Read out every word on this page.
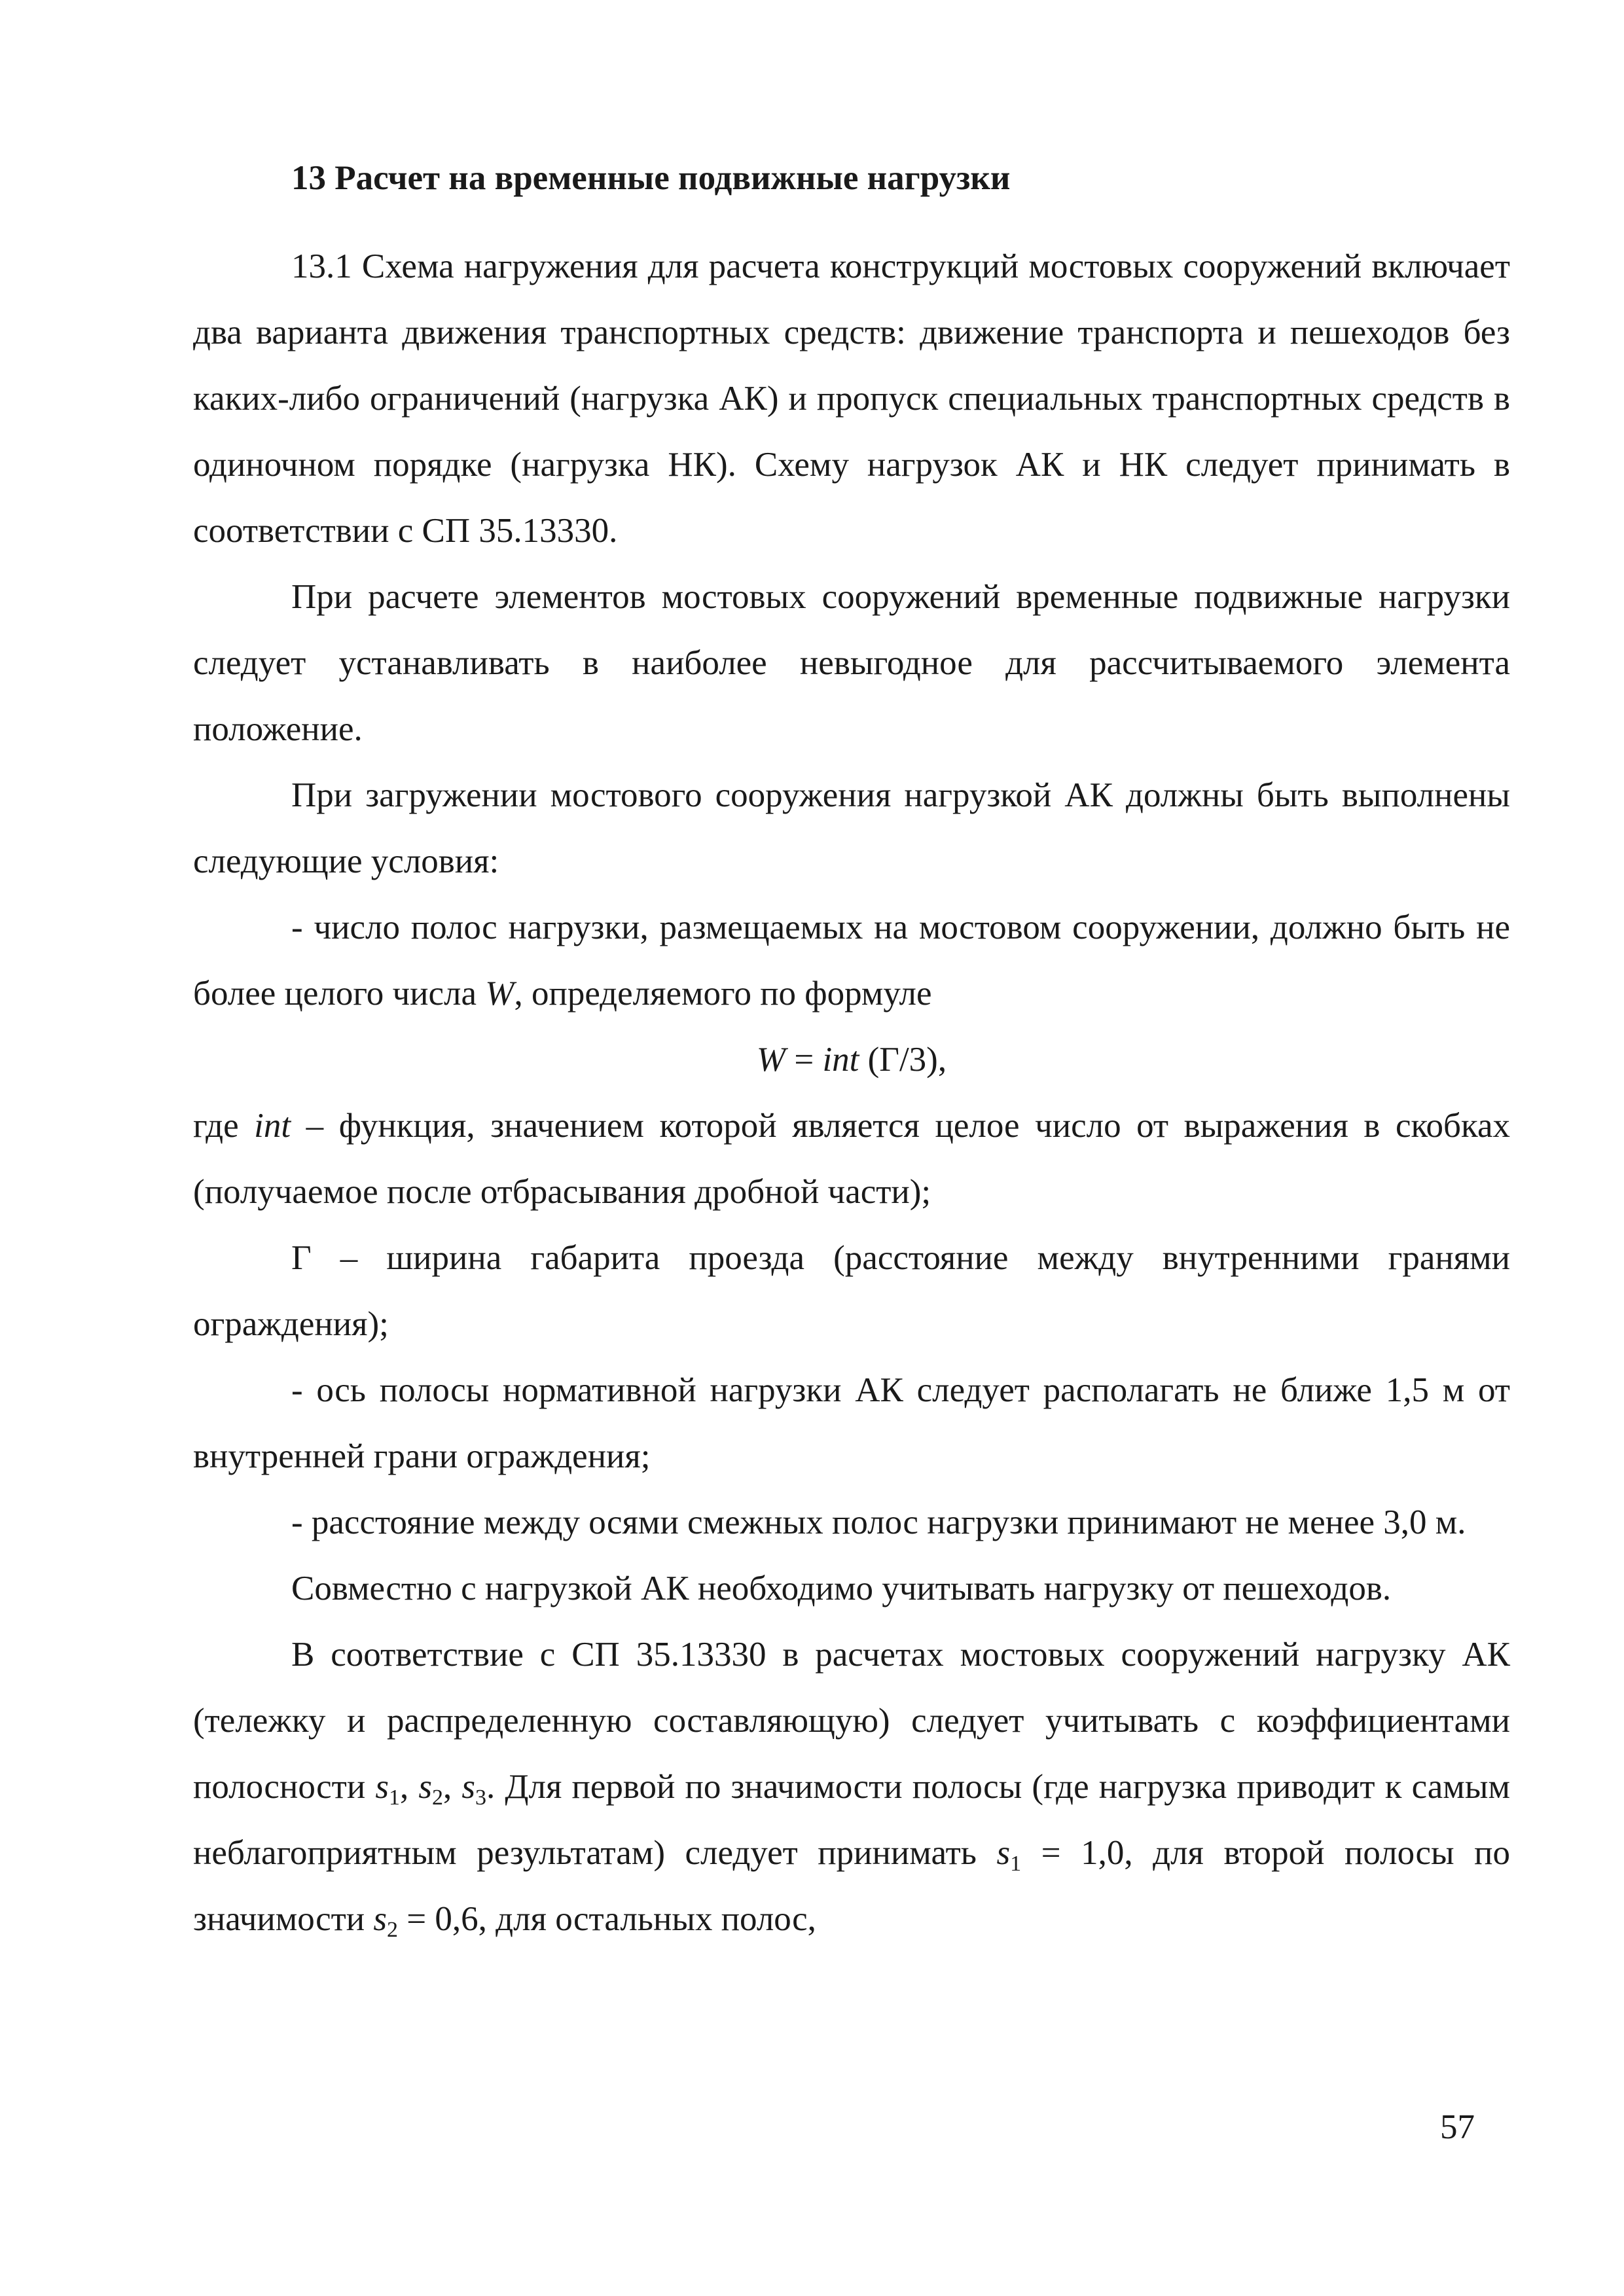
13 Расчет на временные подвижные нагрузки

13.1 Схема нагружения для расчета конструкций мостовых сооружений включает два варианта движения транспортных средств: движение транспорта и пешеходов без каких-либо ограничений (нагрузка АК) и пропуск специальных транспортных средств в одиночном порядке (нагрузка НК). Схему нагрузок АК и НК следует принимать в соответствии с СП 35.13330.

При расчете элементов мостовых сооружений временные подвижные нагрузки следует устанавливать в наиболее невыгодное для рассчитываемого элемента положение.

При загружении мостового сооружения нагрузкой АК должны быть выполнены следующие условия:

- число полос нагрузки, размещаемых на мостовом сооружении, должно быть не более целого числа W, определяемого по формуле

W = int (Г/3),

где int – функция, значением которой является целое число от выражения в скобках (получаемое после отбрасывания дробной части);

Г – ширина габарита проезда (расстояние между внутренними гранями ограждения);

- ось полосы нормативной нагрузки АК следует располагать не ближе 1,5 м от внутренней грани ограждения;

- расстояние между осями смежных полос нагрузки принимают не менее 3,0 м.

Совместно с нагрузкой АК необходимо учитывать нагрузку от пешеходов.

В соответствие с СП 35.13330 в расчетах мостовых сооружений нагрузку АК (тележку и распределенную составляющую) следует учитывать с коэффициентами полосности $s_1$, $s_2$, $s_3$. Для первой по значимости полосы (где нагрузка приводит к самым неблагоприятным результатам) следует принимать $s_1 = 1,0$, для второй полосы по значимости $s_2 = 0,6$, для остальных полос,

57
